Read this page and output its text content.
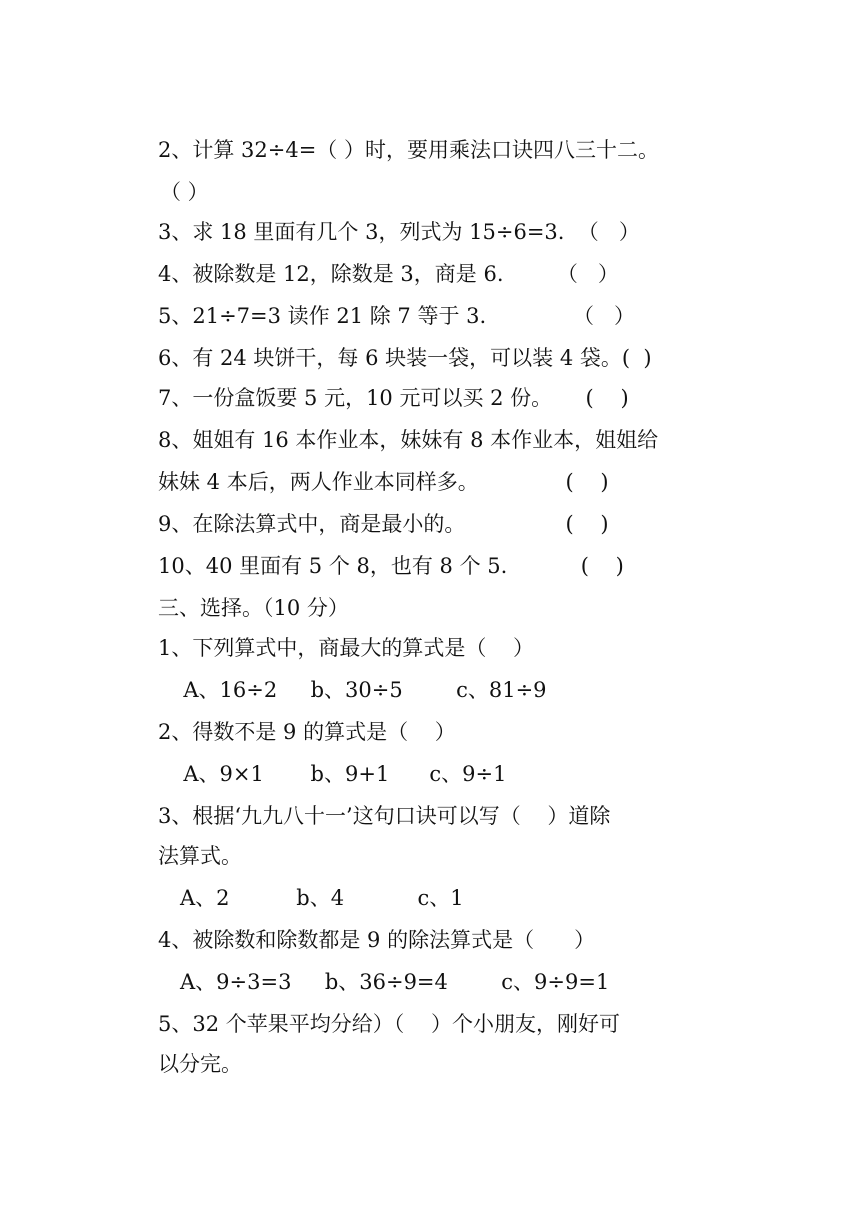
2、计算 32÷4=（ ）时，要用乘法口诀四八三十二。
（ ）
3、求 18 里面有几个 3，列式为 15÷6=3.  （   ）
4、被除数是 12，除数是 3，商是 6.        （   ）
5、21÷7=3 读作 21 除 7 等于 3.             （   ）
6、有 24 块饼干，每 6 块装一袋，可以装 4 袋。(  )
7、一份盒饭要 5 元，10 元可以买 2 份。     (    )
8、姐姐有 16 本作业本，妹妹有 8 本作业本，姐姐给
妹妹 4 本后，两人作业本同样多。             (    )
9、在除法算式中，商是最小的。               (    )
10、40 里面有 5 个 8，也有 8 个 5.           (    )
三、选择。（10 分）
1、下列算式中，商最大的算式是（    ）
A、16÷2     b、30÷5        c、81÷9
2、得数不是 9 的算式是（    ）
A、9×1       b、9+1      c、9÷1
3、根据‘九九八十一’这句口诀可以写（    ）道除
法算式。
A、2          b、4           c、1
4、被除数和除数都是 9 的除法算式是（      ）
A、9÷3=3     b、36÷9=4        c、9÷9=1
5、32 个苹果平均分给）（    ）个小朋友，刚好可
以分完。
